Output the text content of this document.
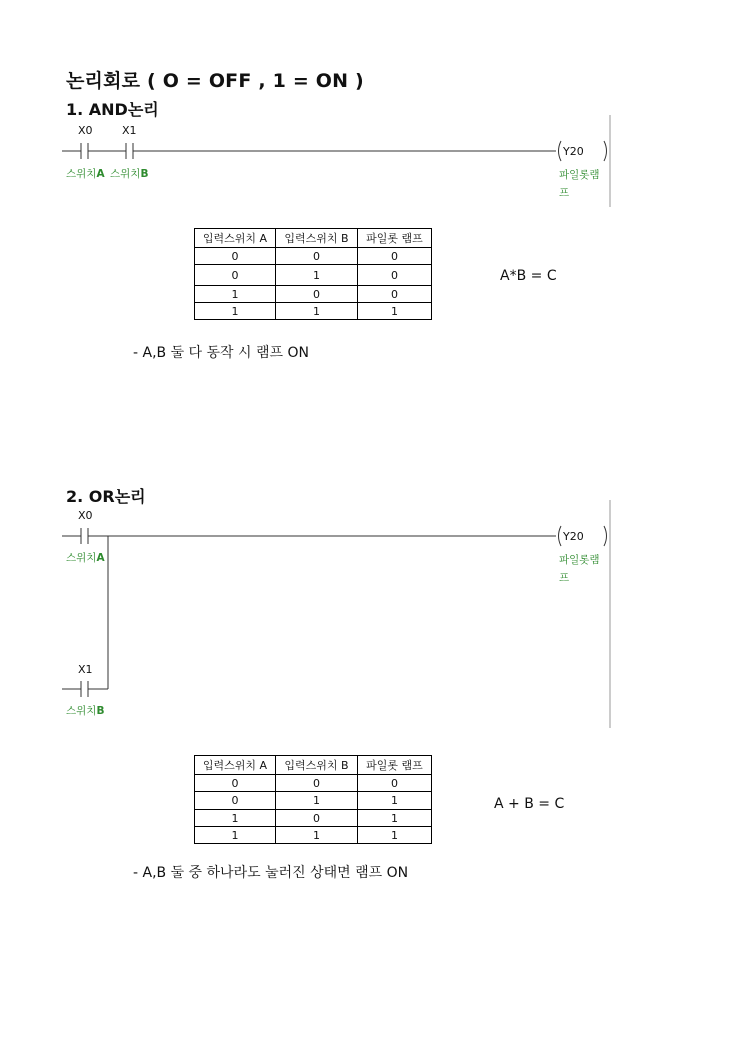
논리회로 ( O = OFF , 1 = ON )
1. AND논리
X0	X1
Y20
스위치A 스위치B	파일롯램
프
입력스위치 A	입력스위치 B	파일롯 램프
0	0	0
0	1	0
1	0	0
1	1	1
A*B = C
- A,B 둘 다 동작 시 램프 ON
2. OR논리
X0
Y20
스위치A	파일롯램
프
X1
스위치B
입력스위치 A	입력스위치 B	파일롯 램프
0	0	0
0	1	1
1	0	1
1	1	1
A + B = C
- A,B 둘 중 하나라도 눌러진 상태면 램프 ON
